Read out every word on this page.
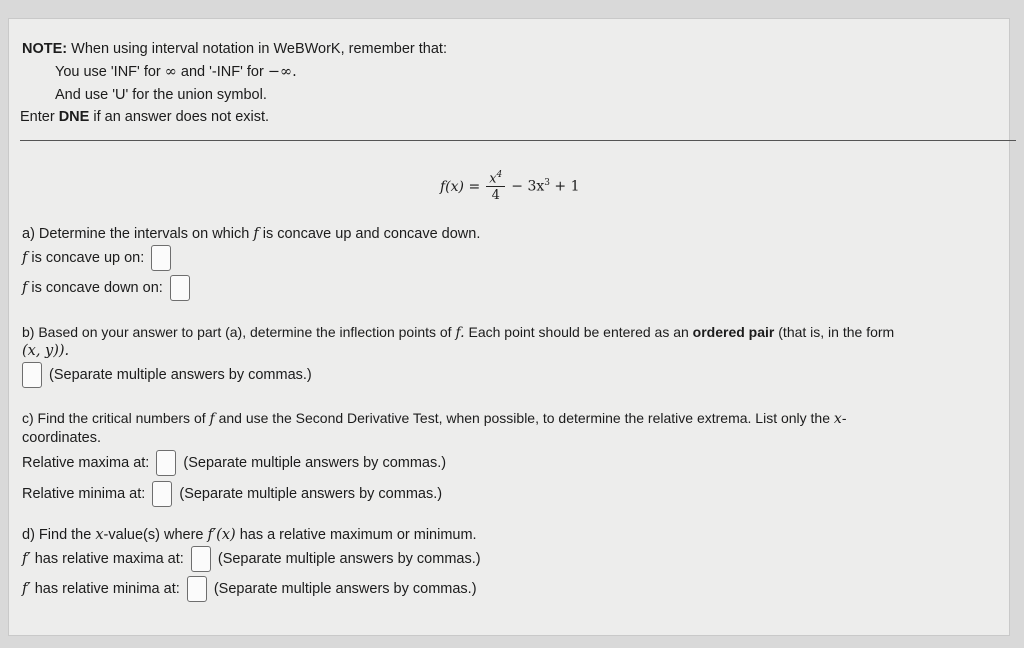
NOTE: When using interval notation in WeBWorK, remember that:
You use 'INF' for ∞ and '-INF' for −∞.
And use 'U' for the union symbol.
Enter DNE if an answer does not exist.
$f(x) = \frac{x^4}{4} - 3x^3 + 1$
a) Determine the intervals on which f is concave up and concave down.
f is concave up on:
f is concave down on:
b) Based on your answer to part (a), determine the inflection points of f. Each point should be entered as an ordered pair (that is, in the form
(x, y)).
(Separate multiple answers by commas.)
c) Find the critical numbers of f and use the Second Derivative Test, when possible, to determine the relative extrema. List only the x-
coordinates.
Relative maxima at: (Separate multiple answers by commas.)
Relative minima at: (Separate multiple answers by commas.)
d) Find the x-value(s) where f′(x) has a relative maximum or minimum.
f′ has relative maxima at: (Separate multiple answers by commas.)
f′ has relative minima at: (Separate multiple answers by commas.)
